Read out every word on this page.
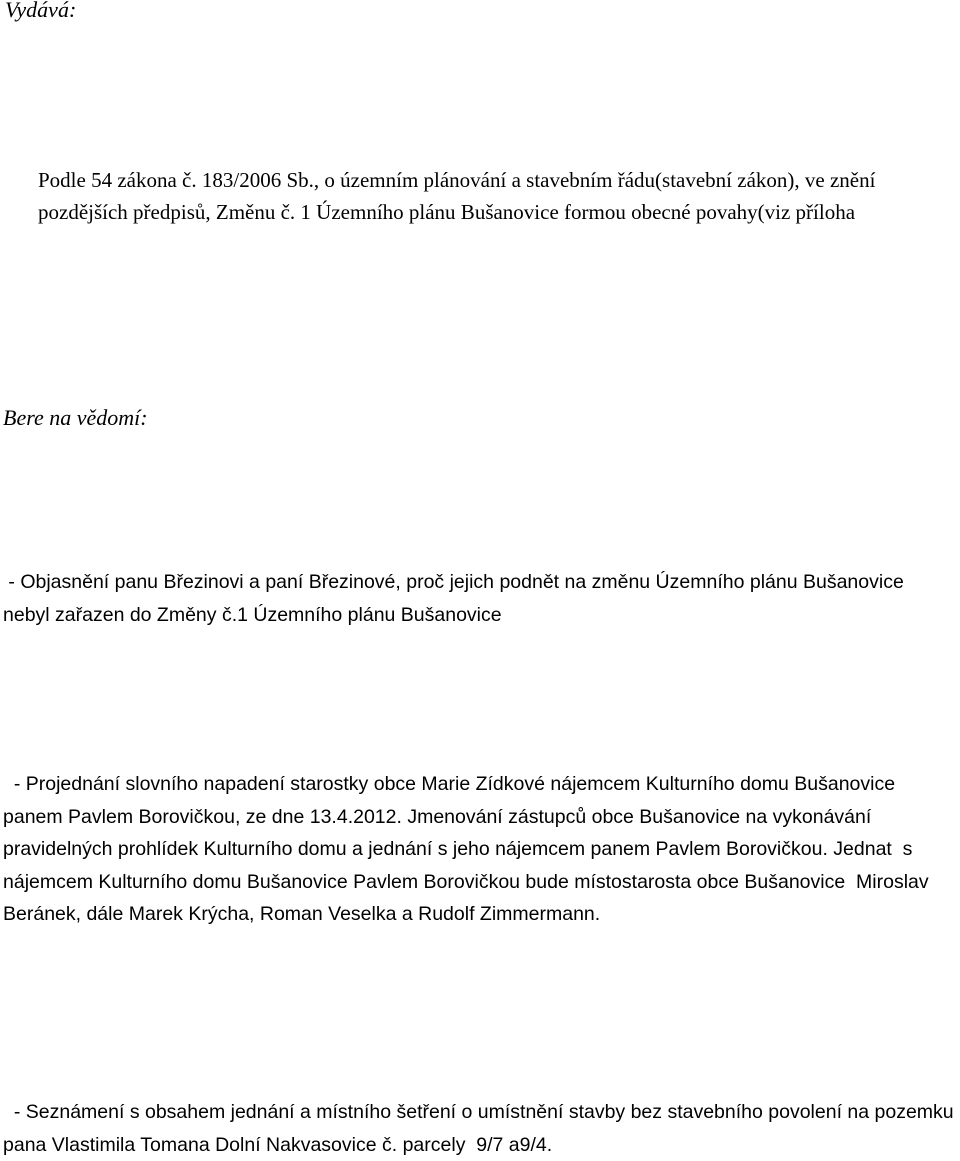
Vydává:

Podle 54 zákona č. 183/2006 Sb., o územním plánování a stavebním řádu(stavební zákon), ve znění pozdějších předpisů, Změnu č. 1 Územního plánu Bušanovice formou obecné povahy(viz příloha

Bere na vědomí:

- Objasnění panu Březinovi a paní Březinové, proč jejich podnět na změnu Územního plánu Bušanovice nebyl zařazen do Změny č.1 Územního plánu Bušanovice

- Projednání slovního napadení starostky obce Marie Zídkové nájemcem Kulturního domu Bušanovice panem Pavlem Borovičkou, ze dne 13.4.2012. Jmenování zástupců obce Bušanovice na vykonávání pravidelných prohlídek Kulturního domu a jednání s jeho nájemcem panem Pavlem Borovičkou. Jednat  s nájemcem Kulturního domu Bušanovice Pavlem Borovičkou bude místostarosta obce Bušanovice  Miroslav Beránek, dále Marek Krýcha, Roman Veselka a Rudolf Zimmermann.

- Seznámení s obsahem jednání a místního šetření o umístnění stavby bez stavebního povolení na pozemku pana Vlastimila Tomana Dolní Nakvasovice č. parcely  9/7 a9/4.
